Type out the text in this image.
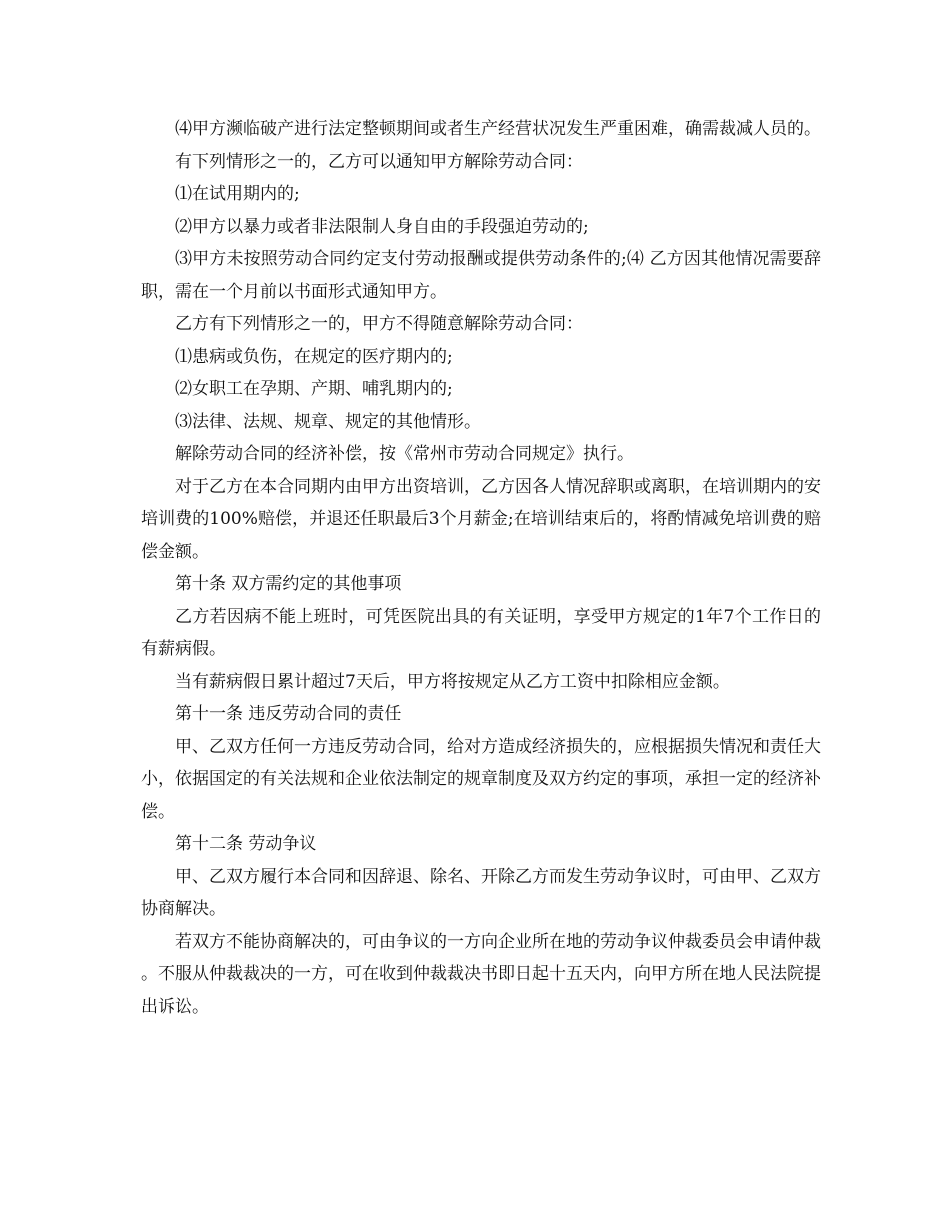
⑷甲方濒临破产进行法定整顿期间或者生产经营状况发生严重困难，确需裁减人员的。

有下列情形之一的，乙方可以通知甲方解除劳动合同：

⑴在试用期内的;

⑵甲方以暴力或者非法限制人身自由的手段强迫劳动的;

⑶甲方未按照劳动合同约定支付劳动报酬或提供劳动条件的;⑷ 乙方因其他情况需要辞职，需在一个月前以书面形式通知甲方。

乙方有下列情形之一的，甲方不得随意解除劳动合同：

⑴患病或负伤，在规定的医疗期内的;

⑵女职工在孕期、产期、哺乳期内的;

⑶法律、法规、规章、规定的其他情形。

解除劳动合同的经济补偿，按《常州市劳动合同规定》执行。

对于乙方在本合同期内由甲方出资培训，乙方因各人情况辞职或离职，在培训期内的安培训费的100%赔偿，并退还任职最后3个月薪金;在培训结束后的，将酌情减免培训费的赔偿金额。

第十条 双方需约定的其他事项

乙方若因病不能上班时，可凭医院出具的有关证明，享受甲方规定的1年7个工作日的有薪病假。

当有薪病假日累计超过7天后，甲方将按规定从乙方工资中扣除相应金额。

第十一条 违反劳动合同的责任

甲、乙双方任何一方违反劳动合同，给对方造成经济损失的，应根据损失情况和责任大小，依据国定的有关法规和企业依法制定的规章制度及双方约定的事项，承担一定的经济补偿。

第十二条 劳动争议

甲、乙双方履行本合同和因辞退、除名、开除乙方而发生劳动争议时，可由甲、乙双方协商解决。

若双方不能协商解决的，可由争议的一方向企业所在地的劳动争议仲裁委员会申请仲裁。不服从仲裁裁决的一方，可在收到仲裁裁决书即日起十五天内，向甲方所在地人民法院提出诉讼。
